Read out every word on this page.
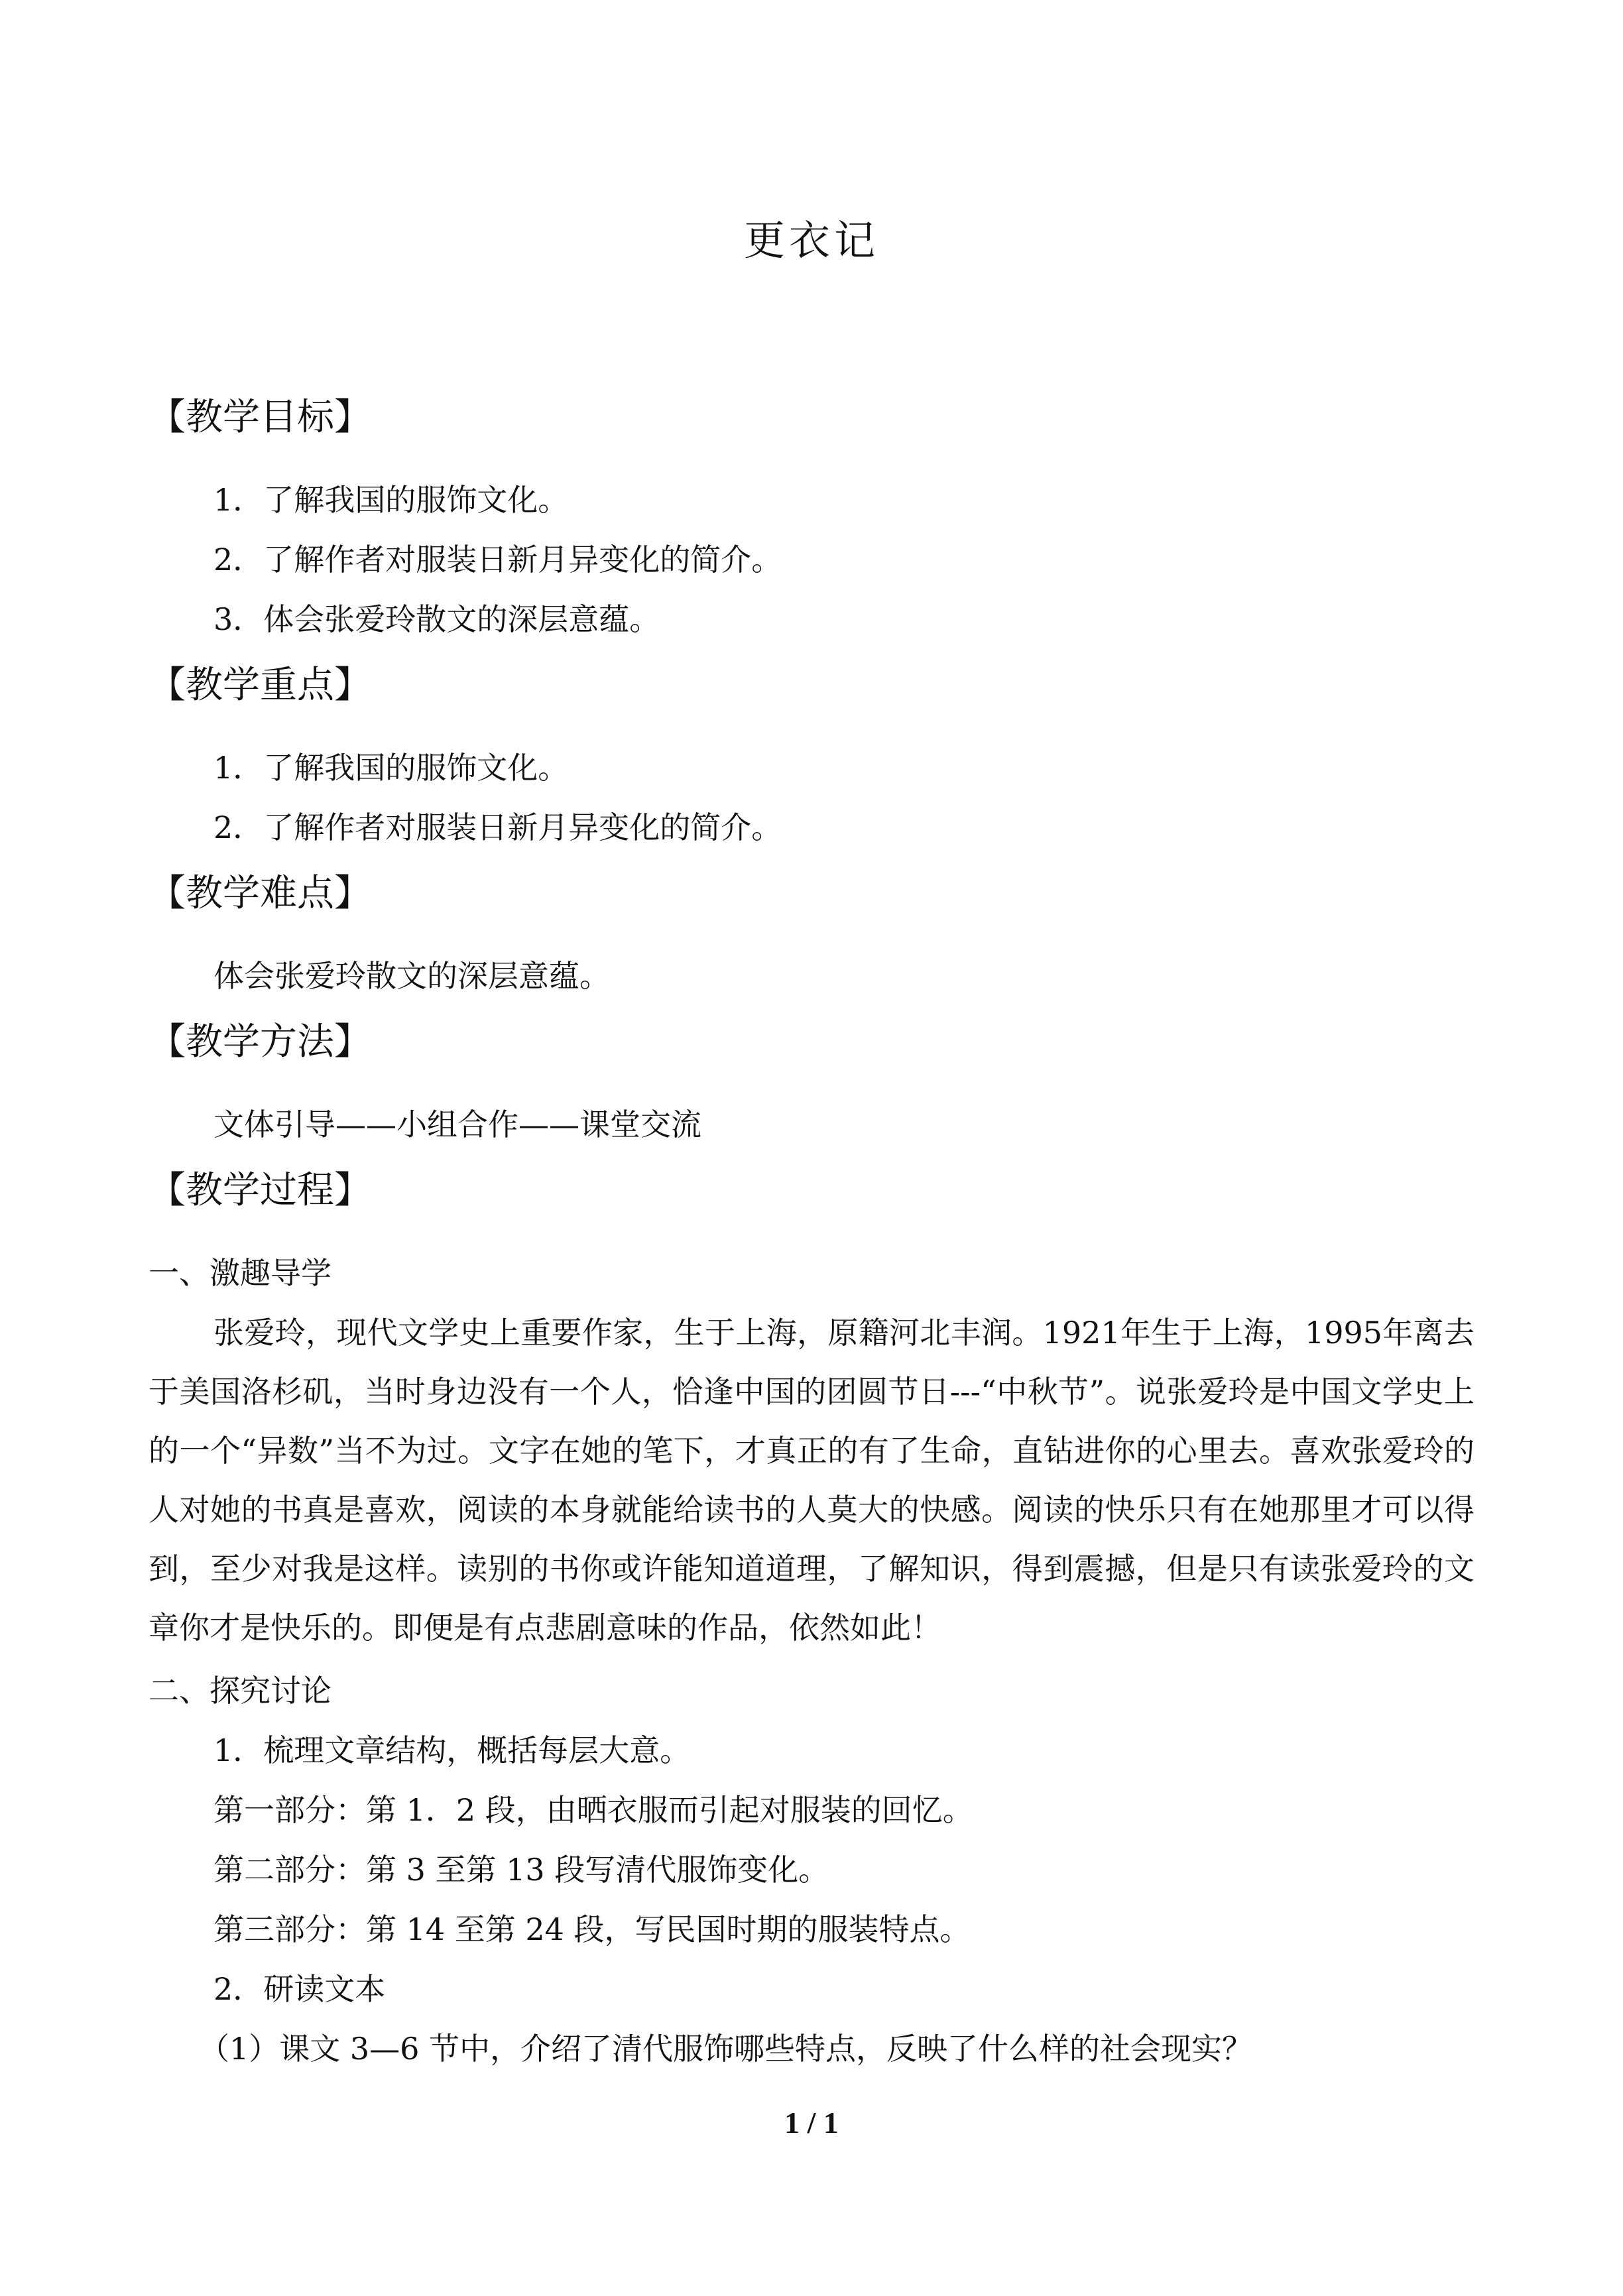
更衣记
【教学目标】
1．了解我国的服饰文化。
2．了解作者对服装日新月异变化的简介。
3．体会张爱玲散文的深层意蕴。
【教学重点】
1．了解我国的服饰文化。
2．了解作者对服装日新月异变化的简介。
【教学难点】
体会张爱玲散文的深层意蕴。
【教学方法】
文体引导——小组合作——课堂交流
【教学过程】
一、激趣导学
张爱玲，现代文学史上重要作家，生于上海，原籍河北丰润。1921年生于上海，1995年离去于美国洛杉矶，当时身边没有一个人，恰逢中国的团圆节日---“中秋节”。说张爱玲是中国文学史上的一个“异数”当不为过。文字在她的笔下，才真正的有了生命，直钻进你的心里去。喜欢张爱玲的人对她的书真是喜欢，阅读的本身就能给读书的人莫大的快感。阅读的快乐只有在她那里才可以得到，至少对我是这样。读别的书你或许能知道道理，了解知识，得到震撼，但是只有读张爱玲的文章你才是快乐的。即便是有点悲剧意味的作品，依然如此！
二、探究讨论
1．梳理文章结构，概括每层大意。
第一部分：第 1．2 段，由晒衣服而引起对服装的回忆。
第二部分：第 3 至第 13 段写清代服饰变化。
第三部分：第 14 至第 24 段，写民国时期的服装特点。
2．研读文本
（1）课文 3—6 节中，介绍了清代服饰哪些特点，反映了什么样的社会现实？
1 / 1
